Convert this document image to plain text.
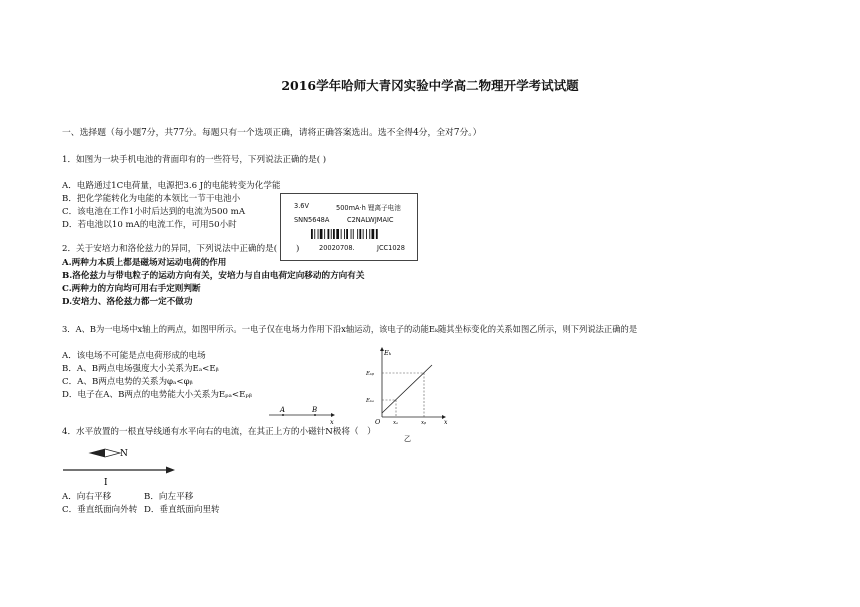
2016学年哈师大青冈实验中学高二物理开学考试试题
一、选择题（每小题7分，共77分。每题只有一个选项正确，请将正确答案选出。选不全得4分，全对7分。）
1．如图为一块手机电池的背面印有的一些符号，下列说法正确的是( )
A．电路通过1C电荷量，电源把3.6 J的电能转变为化学能
B．把化学能转化为电能的本领比一节干电池小
C．该电池在工作1小时后达到的电流为500 mA
D．若电池以10 mA的电流工作，可用50小时
3.6V	500mA·h 锂离子电池
SNN5648A	C2NALWJMAIC
20020708.	JCC1028
2．关于安培力和洛伦兹力的异同，下列说法中正确的是( )
A.两种力本质上都是磁场对运动电荷的作用
B.洛伦兹力与带电粒子的运动方向有关，安培力与自由电荷定向移动的方向有关
C.两种力的方向均可用右手定则判断
D.安培力、洛伦兹力都一定不做功
3．A、B为一电场中x轴上的两点，如图甲所示。一电子仅在电场力作用下沿x轴运动，该电子的动能Eₖ随其坐标变化的关系如图乙所示，则下列说法正确的是
A．该电场不可能是点电荷形成的电场
B．A、B两点电场强度大小关系为Eₐ<Eᵦ
C．A、B两点电势的关系为φₐ<φᵦ
D．电子在A、B两点的电势能大小关系为Eₚₐ<Eₚᵦ
A	B
x
Eₖ
Eₖᵦ
Eₖₐ
O xₐ	xᵦ	x
乙
4．水平放置的一根直导线通有水平向右的电流，在其正上方的小磁针N极将（　）
N
I
A．向右平移	B．向左平移
C．垂直纸面向外转 D．垂直纸面向里转
